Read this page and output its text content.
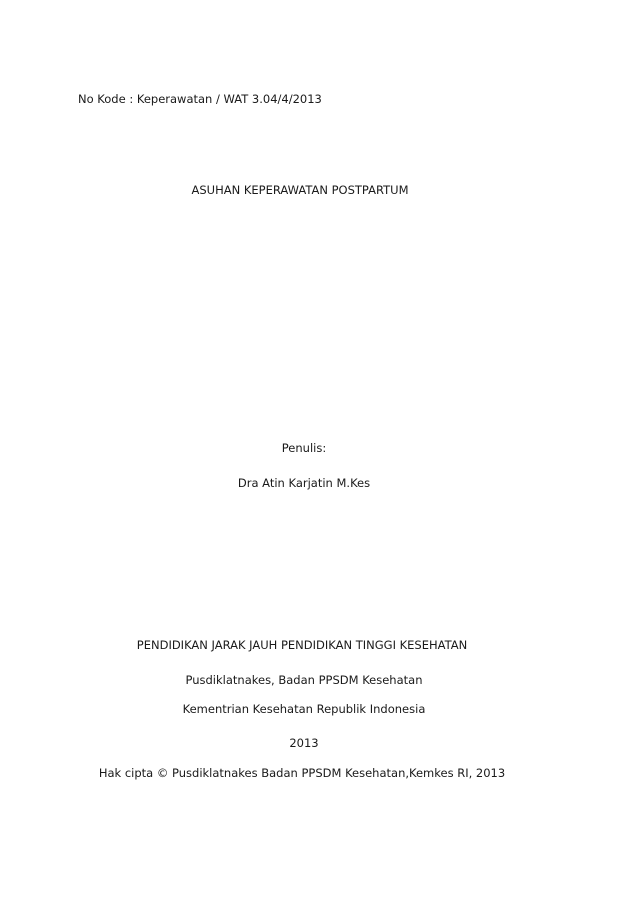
No Kode : Keperawatan / WAT 3.04/4/2013
ASUHAN KEPERAWATAN POSTPARTUM
Penulis:
Dra Atin Karjatin M.Kes
PENDIDIKAN JARAK JAUH PENDIDIKAN TINGGI KESEHATAN
Pusdiklatnakes, Badan PPSDM Kesehatan
Kementrian Kesehatan Republik Indonesia
2013
Hak cipta © Pusdiklatnakes Badan PPSDM Kesehatan,Kemkes RI, 2013
